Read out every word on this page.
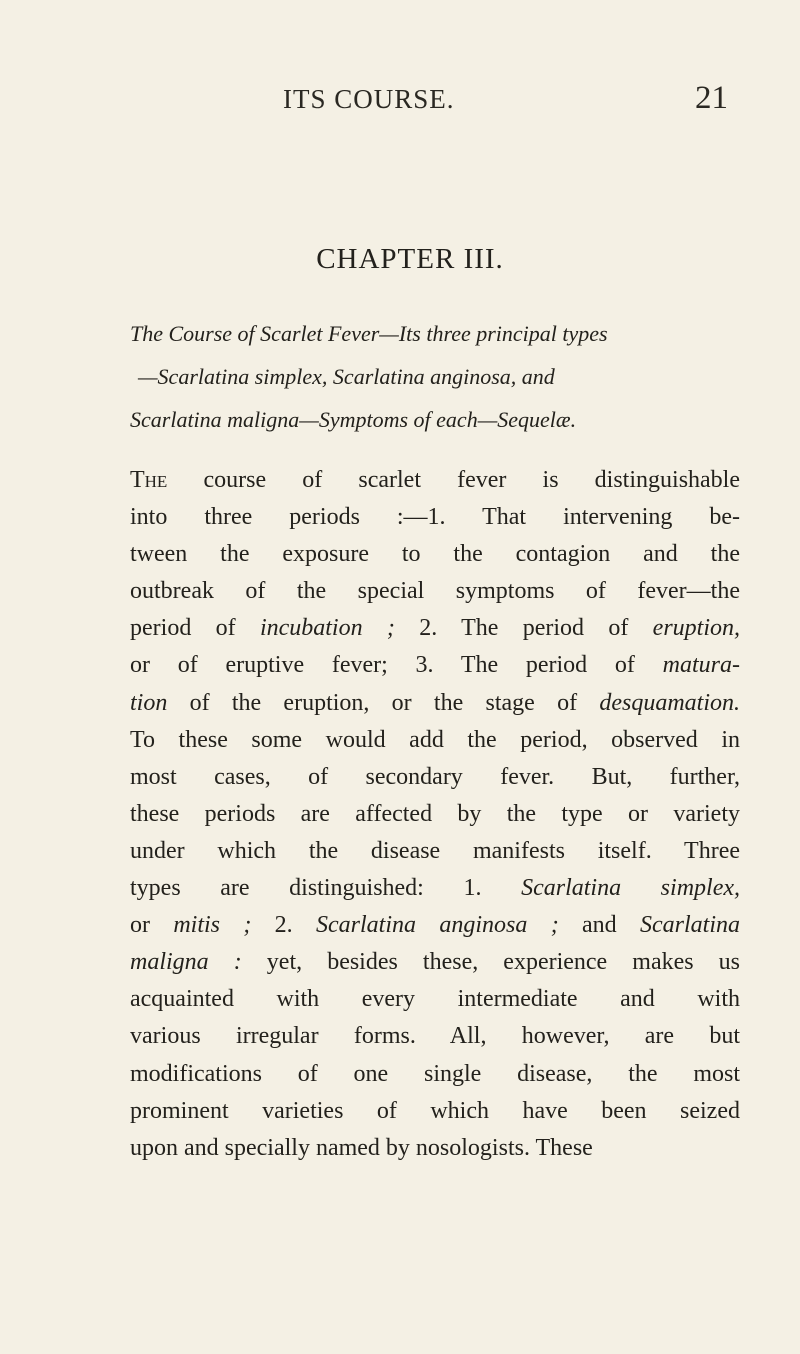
ITS COURSE.	21
CHAPTER III.
The Course of Scarlet Fever—Its three principal types
—Scarlatina simplex, Scarlatina anginosa, and
Scarlatina maligna—Symptoms of each—Sequelæ.
The course of scarlet fever is distinguishable
into three periods :—1. That intervening be-
tween the exposure to the contagion and the
outbreak of the special symptoms of fever—the
period of incubation ; 2. The period of eruption,
or of eruptive fever; 3. The period of matura-
tion of the eruption, or the stage of desquamation.
To these some would add the period, observed in
most cases, of secondary fever. But, further,
these periods are affected by the type or variety
under which the disease manifests itself. Three
types are distinguished: 1. Scarlatina simplex,
or mitis ; 2. Scarlatina anginosa ; and Scarlatina
maligna : yet, besides these, experience makes us
acquainted with every intermediate and with
various irregular forms. All, however, are but
modifications of one single disease, the most
prominent varieties of which have been seized
upon and specially named by nosologists. These
